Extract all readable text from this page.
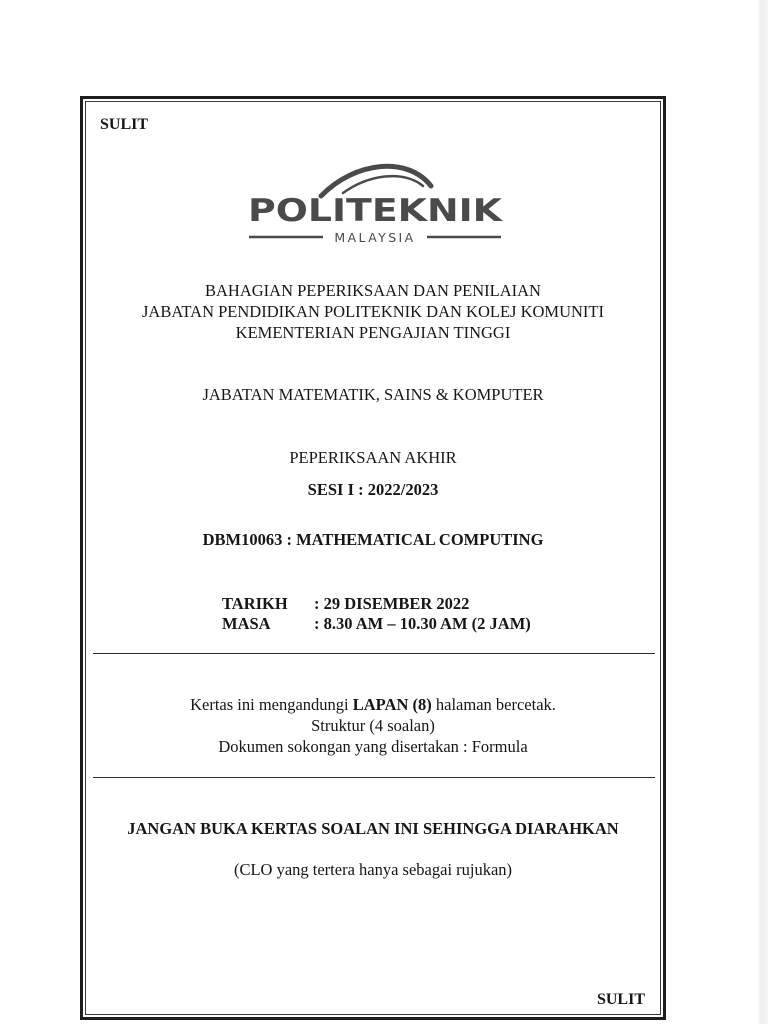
SULIT
POLITEKNIK
MALAYSIA
BAHAGIAN PEPERIKSAAN DAN PENILAIAN
JABATAN PENDIDIKAN POLITEKNIK DAN KOLEJ KOMUNITI
KEMENTERIAN PENGAJIAN TINGGI
JABATAN MATEMATIK, SAINS & KOMPUTER
PEPERIKSAAN AKHIR
SESI I : 2022/2023
DBM10063 : MATHEMATICAL COMPUTING
TARIKH : 29 DISEMBER 2022
MASA	: 8.30 AM – 10.30 AM (2 JAM)
Kertas ini mengandungi LAPAN (8) halaman bercetak.
Struktur (4 soalan)
Dokumen sokongan yang disertakan : Formula
JANGAN BUKA KERTAS SOALAN INI SEHINGGA DIARAHKAN
(CLO yang tertera hanya sebagai rujukan)
SULIT
